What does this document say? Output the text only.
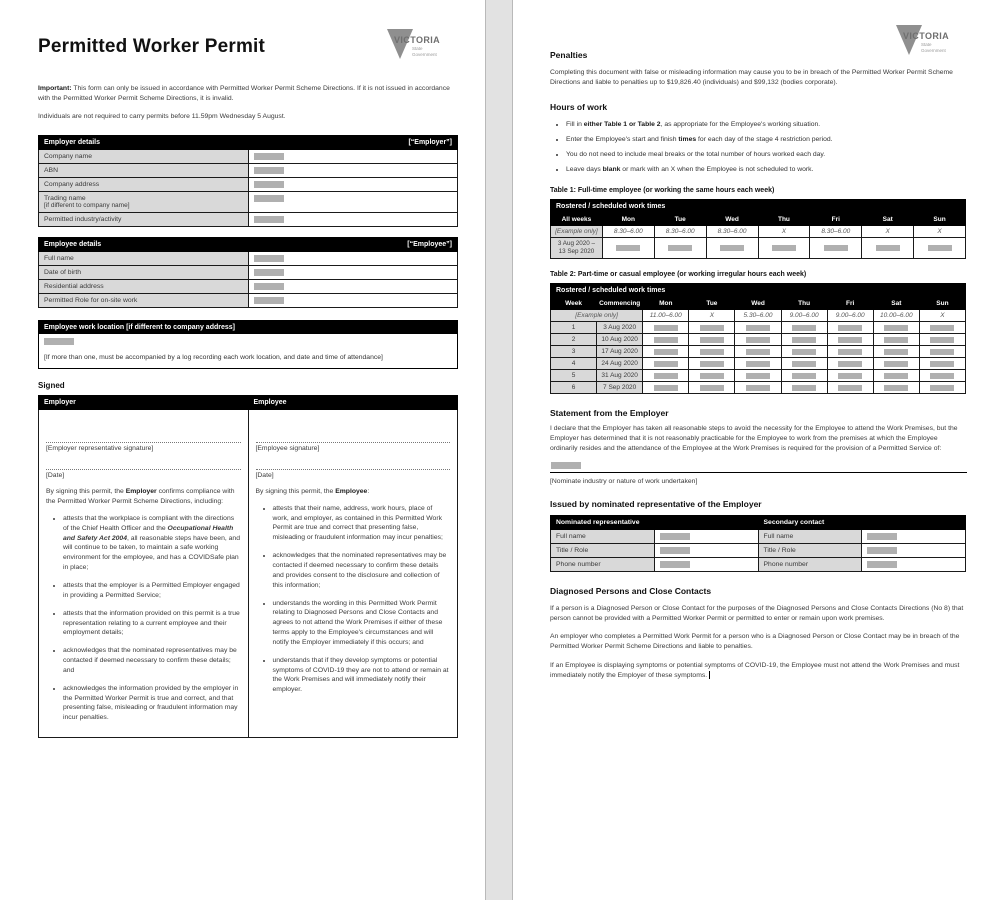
VICTORIA
State
Government
Permitted Worker Permit

Important: This form can only be issued in accordance with Permitted Worker Permit Scheme Directions. If it is not issued in accordance with the Permitted Worker Permit Scheme Directions, it is invalid.

Individuals are not required to carry permits before 11.59pm Wednesday 5 August.

Employer details [“Employer”]	

Company name	

ABN	

Company address	

Trading name
[if different to company name]	

Permitted industry/activity	
Employee details [“Employee”]	

Full name	

Date of birth	

Residential address	

Permitted Role for on-site work	
Employee work location [if different to company address]
[If more than one, must be accompanied by a log recording each work location, and date and time of attendance]
Signed
Employer	Employee

[Employer representative signature]
[Date]

By signing this permit, the Employer confirms compliance with the Permitted Worker Permit Scheme Directions, including:

• attests that the workplace is compliant with the directions of the Chief Health Officer and the Occupational Health and Safety Act 2004, all reasonable steps have been, and will continue to be taken, to maintain a safe working environment for the employee, and has a COVIDSafe plan in place;
• attests that the employer is a Permitted Employer engaged in providing a Permitted Service;
• attests that the information provided on this permit is a true representation relating to a current employee and their employment details;
• acknowledges that the nominated representatives may be contacted if deemed necessary to confirm these details; and
• acknowledges the information provided by the employer in the Permitted Worker Permit is true and correct, and that presenting false, misleading or fraudulent information may incur penalties.

[Employee signature]
[Date]

By signing this permit, the Employee:

• attests that their name, address, work hours, place of work, and employer, as contained in this Permitted Work Permit are true and correct that presenting false, misleading or fraudulent information may incur penalties;
• acknowledges that the nominated representatives may be contacted if deemed necessary to confirm these details and provides consent to the disclosure and collection of this information;
• understands the wording in this Permitted Work Permit relating to Diagnosed Persons and Close Contacts and agrees to not attend the Work Premises if either of these terms apply to the Employee's circumstances and will notify the Employer immediately if this occurs; and
• understands that if they develop symptoms or potential symptoms of COVID-19 they are not to attend or remain at the Work Premises and will immediately notify their employer.
VICTORIA
State
Government
Penalties

Completing this document with false or misleading information may cause you to be in breach of the Permitted Worker Permit Scheme Directions and liable to penalties up to $19,826.40 (individuals) and $99,132 (bodies corporate).

Hours of work
• Fill in either Table 1 or Table 2, as appropriate for the Employee's working situation.
• Enter the Employee's start and finish times for each day of the stage 4 restriction period.
• You do not need to include meal breaks or the total number of hours worked each day.
• Leave days blank or mark with an X when the Employee is not scheduled to work.
Table 1: Full-time employee (or working the same hours each week)
Rostered / scheduled work times							
All weeks	Mon	Tue	Wed	Thu	Fri	Sat	Sun
[Example only]	8.30–6.00	8.30–6.00	8.30–6.00	X	8.30–6.00	X	X

3 Aug 2020 –
13 Sep 2020							

Table 2: Part-time or casual employee (or working irregular hours each week)
Rostered / scheduled work times								
Week	Commencing	Mon	Tue	Wed	Thu	Fri	Sat	Sun
[Example only]		11.00–6.00	X	5.30–6.00	9.00–6.00	9.00–6.00	10.00–6.00	X
1	3 Aug 2020	

2	10 Aug 2020	

3	17 Aug 2020	

4	24 Aug 2020	

5	31 Aug 2020	

6	7 Sep 2020	

Statement from the Employer

I declare that the Employer has taken all reasonable steps to avoid the necessity for the Employee to attend the Work Premises, but the Employer has determined that it is not reasonably practicable for the Employee to work from the premises at which the Employee ordinarily resides and the attendance of the Employee at the Work Premises is required for the provision of a Permitted Service of:

[Nominate industry or nature of work undertaken]

Issued by nominated representative of the Employer
Nominated representative		Secondary contact	
Full name		Full name	

Title / Role		Title / Role	

Phone number		Phone number	
Diagnosed Persons and Close Contacts

If a person is a Diagnosed Person or Close Contact for the purposes of the Diagnosed Persons and Close Contacts Directions (No 8) that person cannot be provided with a Permitted Worker Permit or permitted to enter or remain upon work premises.

An employer who completes a Permitted Work Permit for a person who is a Diagnosed Person or Close Contact may be in breach of the Permitted Worker Permit Scheme Directions and liable to penalties.

If an Employee is displaying symptoms or potential symptoms of COVID-19, the Employee must not attend the Work Premises and must immediately notify the Employer of these symptoms.
